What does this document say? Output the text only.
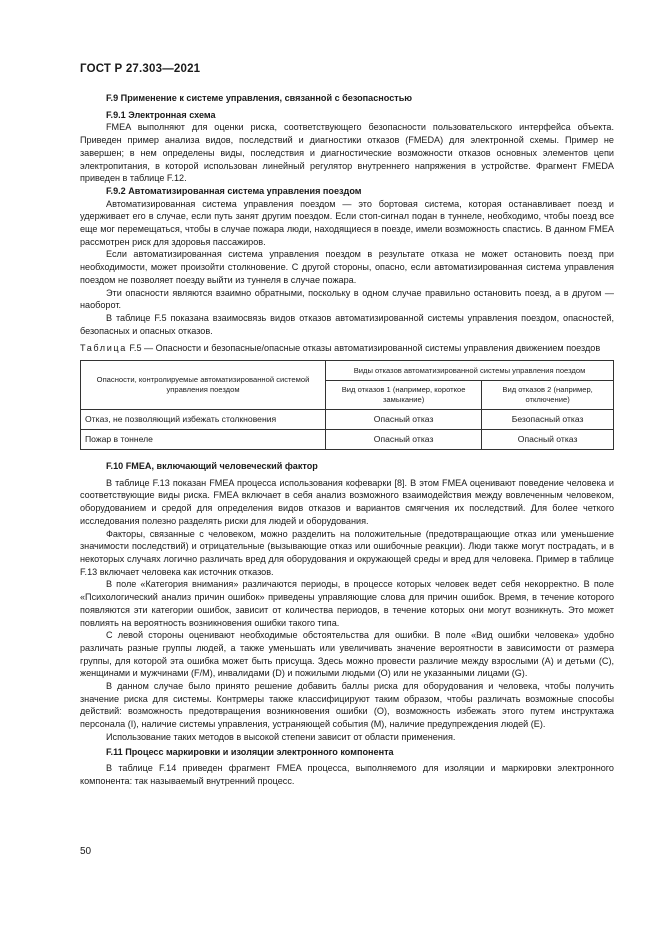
ГОСТ Р 27.303—2021
F.9 Применение к системе управления, связанной с безопасностью
F.9.1 Электронная схема

FMEA выполняют для оценки риска, соответствующего безопасности пользовательского интерфейса объекта. Приведен пример анализа видов, последствий и диагностики отказов (FMEDA) для электронной схемы. Пример не завершен; в нем определены виды, последствия и диагностические возможности отказов основных элементов цепи электропитания, в которой использован линейный регулятор внутреннего напряжения в устройстве. Фрагмент FMEDA приведен в таблице F.12.

F.9.2 Автоматизированная система управления поездом

Автоматизированная система управления поездом — это бортовая система, которая останавливает поезд и удерживает его в случае, если путь занят другим поездом. Если стоп-сигнал подан в туннеле, необходимо, чтобы поезд все еще мог перемещаться, чтобы в случае пожара люди, находящиеся в поезде, имели возможность спастись. В данном FMEA рассмотрен риск для здоровья пассажиров.

Если автоматизированная система управления поездом в результате отказа не может остановить поезд при необходимости, может произойти столкновение. С другой стороны, опасно, если автоматизированная система управления поездом не позволяет поезду выйти из туннеля в случае пожара.

Эти опасности являются взаимно обратными, поскольку в одном случае правильно остановить поезд, а в другом — наоборот.

В таблице F.5 показана взаимосвязь видов отказов автоматизированной системы управления поездом, опасностей, безопасных и опасных отказов.

Таблица F.5 — Опасности и безопасные/опасные отказы автоматизированной системы управления движением поездов
Опасности, контролируемые автоматизированной системой управления поездом	Виды отказов автоматизированной системы управления поездом	
	Вид отказов 1 (например, короткое замыкание)	Вид отказов 2 (например, отключение)
Отказ, не позволяющий избежать столкновения	Опасный отказ	Безопасный отказ
Пожар в тоннеле	Опасный отказ	Опасный отказ
F.10 FMEA, включающий человеческий фактор

В таблице F.13 показан FMEA процесса использования кофеварки [8]. В этом FMEA оценивают поведение человека и соответствующие виды риска. FMEA включает в себя анализ возможного взаимодействия между вовлеченным человеком, оборудованием и средой для определения видов отказов и вариантов смягчения их последствий. Для более четкого исследования полезно разделять риски для людей и оборудования.

Факторы, связанные с человеком, можно разделить на положительные (предотвращающие отказ или уменьшение значимости последствий) и отрицательные (вызывающие отказ или ошибочные реакции). Люди также могут пострадать, и в некоторых случаях логично различать вред для оборудования и окружающей среды и вред для человека. Пример в таблице F.13 включает человека как источник отказов.

В поле «Категория внимания» различаются периоды, в процессе которых человек ведет себя некорректно. В поле «Психологический анализ причин ошибок» приведены управляющие слова для причин ошибок. Время, в течение которого появляются эти категории ошибок, зависит от количества периодов, в течение которых они могут возникнуть. Это может повлиять на вероятность возникновения ошибки такого типа.

С левой стороны оценивают необходимые обстоятельства для ошибки. В поле «Вид ошибки человека» удобно различать разные группы людей, а также уменьшать или увеличивать значение вероятности в зависимости от размера группы, для которой эта ошибка может быть присуща. Здесь можно провести различие между взрослыми (А) и детьми (С), женщинами и мужчинами (F/M), инвалидами (D) и пожилыми людьми (О) или не указанными лицами (G).

В данном случае было принято решение добавить баллы риска для оборудования и человека, чтобы получить значение риска для системы. Контрмеры также классифицируют таким образом, чтобы различать возможные способы действий: возможность предотвращения возникновения ошибки (О), возможность избежать этого путем инструктажа персонала (I), наличие системы управления, устраняющей события (М), наличие предупреждения людей (Е).

Использование таких методов в высокой степени зависит от области применения.

F.11 Процесс маркировки и изоляции электронного компонента

В таблице F.14 приведен фрагмент FMEA процесса, выполняемого для изоляции и маркировки электронного компонента: так называемый внутренний процесс.

50
